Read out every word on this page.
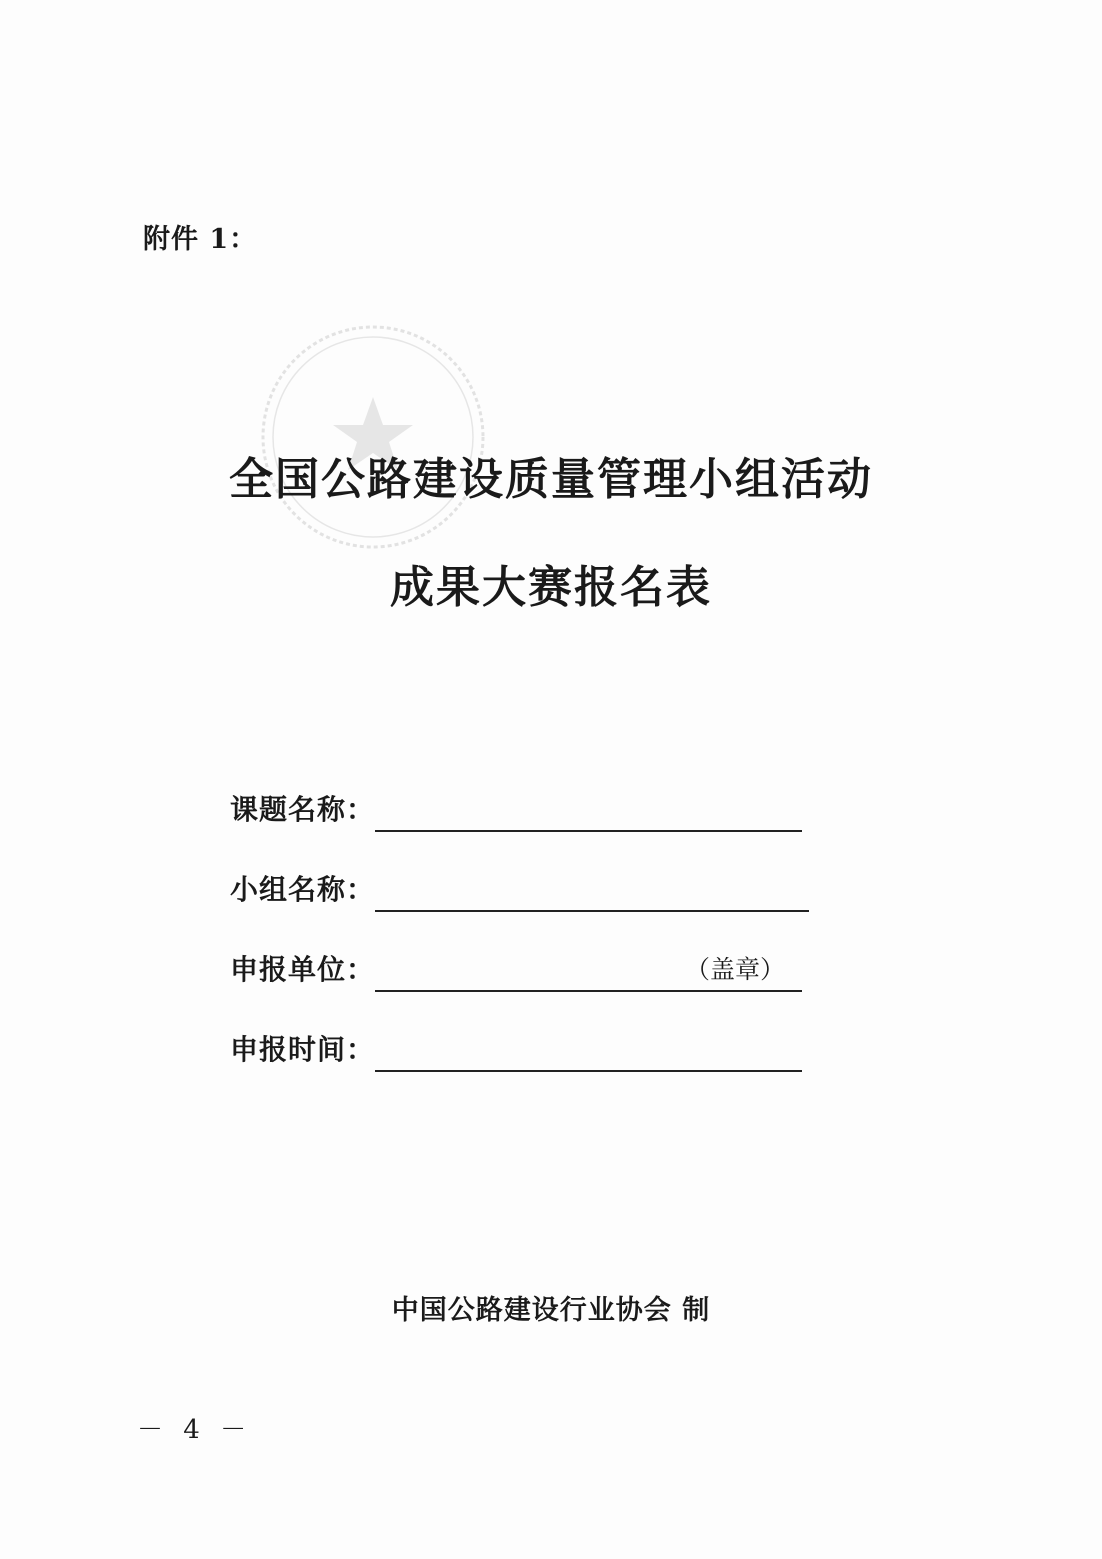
附件 1：
全国公路建设质量管理小组活动
成果大赛报名表
课题名称：
小组名称：
申报单位：	（盖章）
申报时间：
中国公路建设行业协会 制
－ 4 －
